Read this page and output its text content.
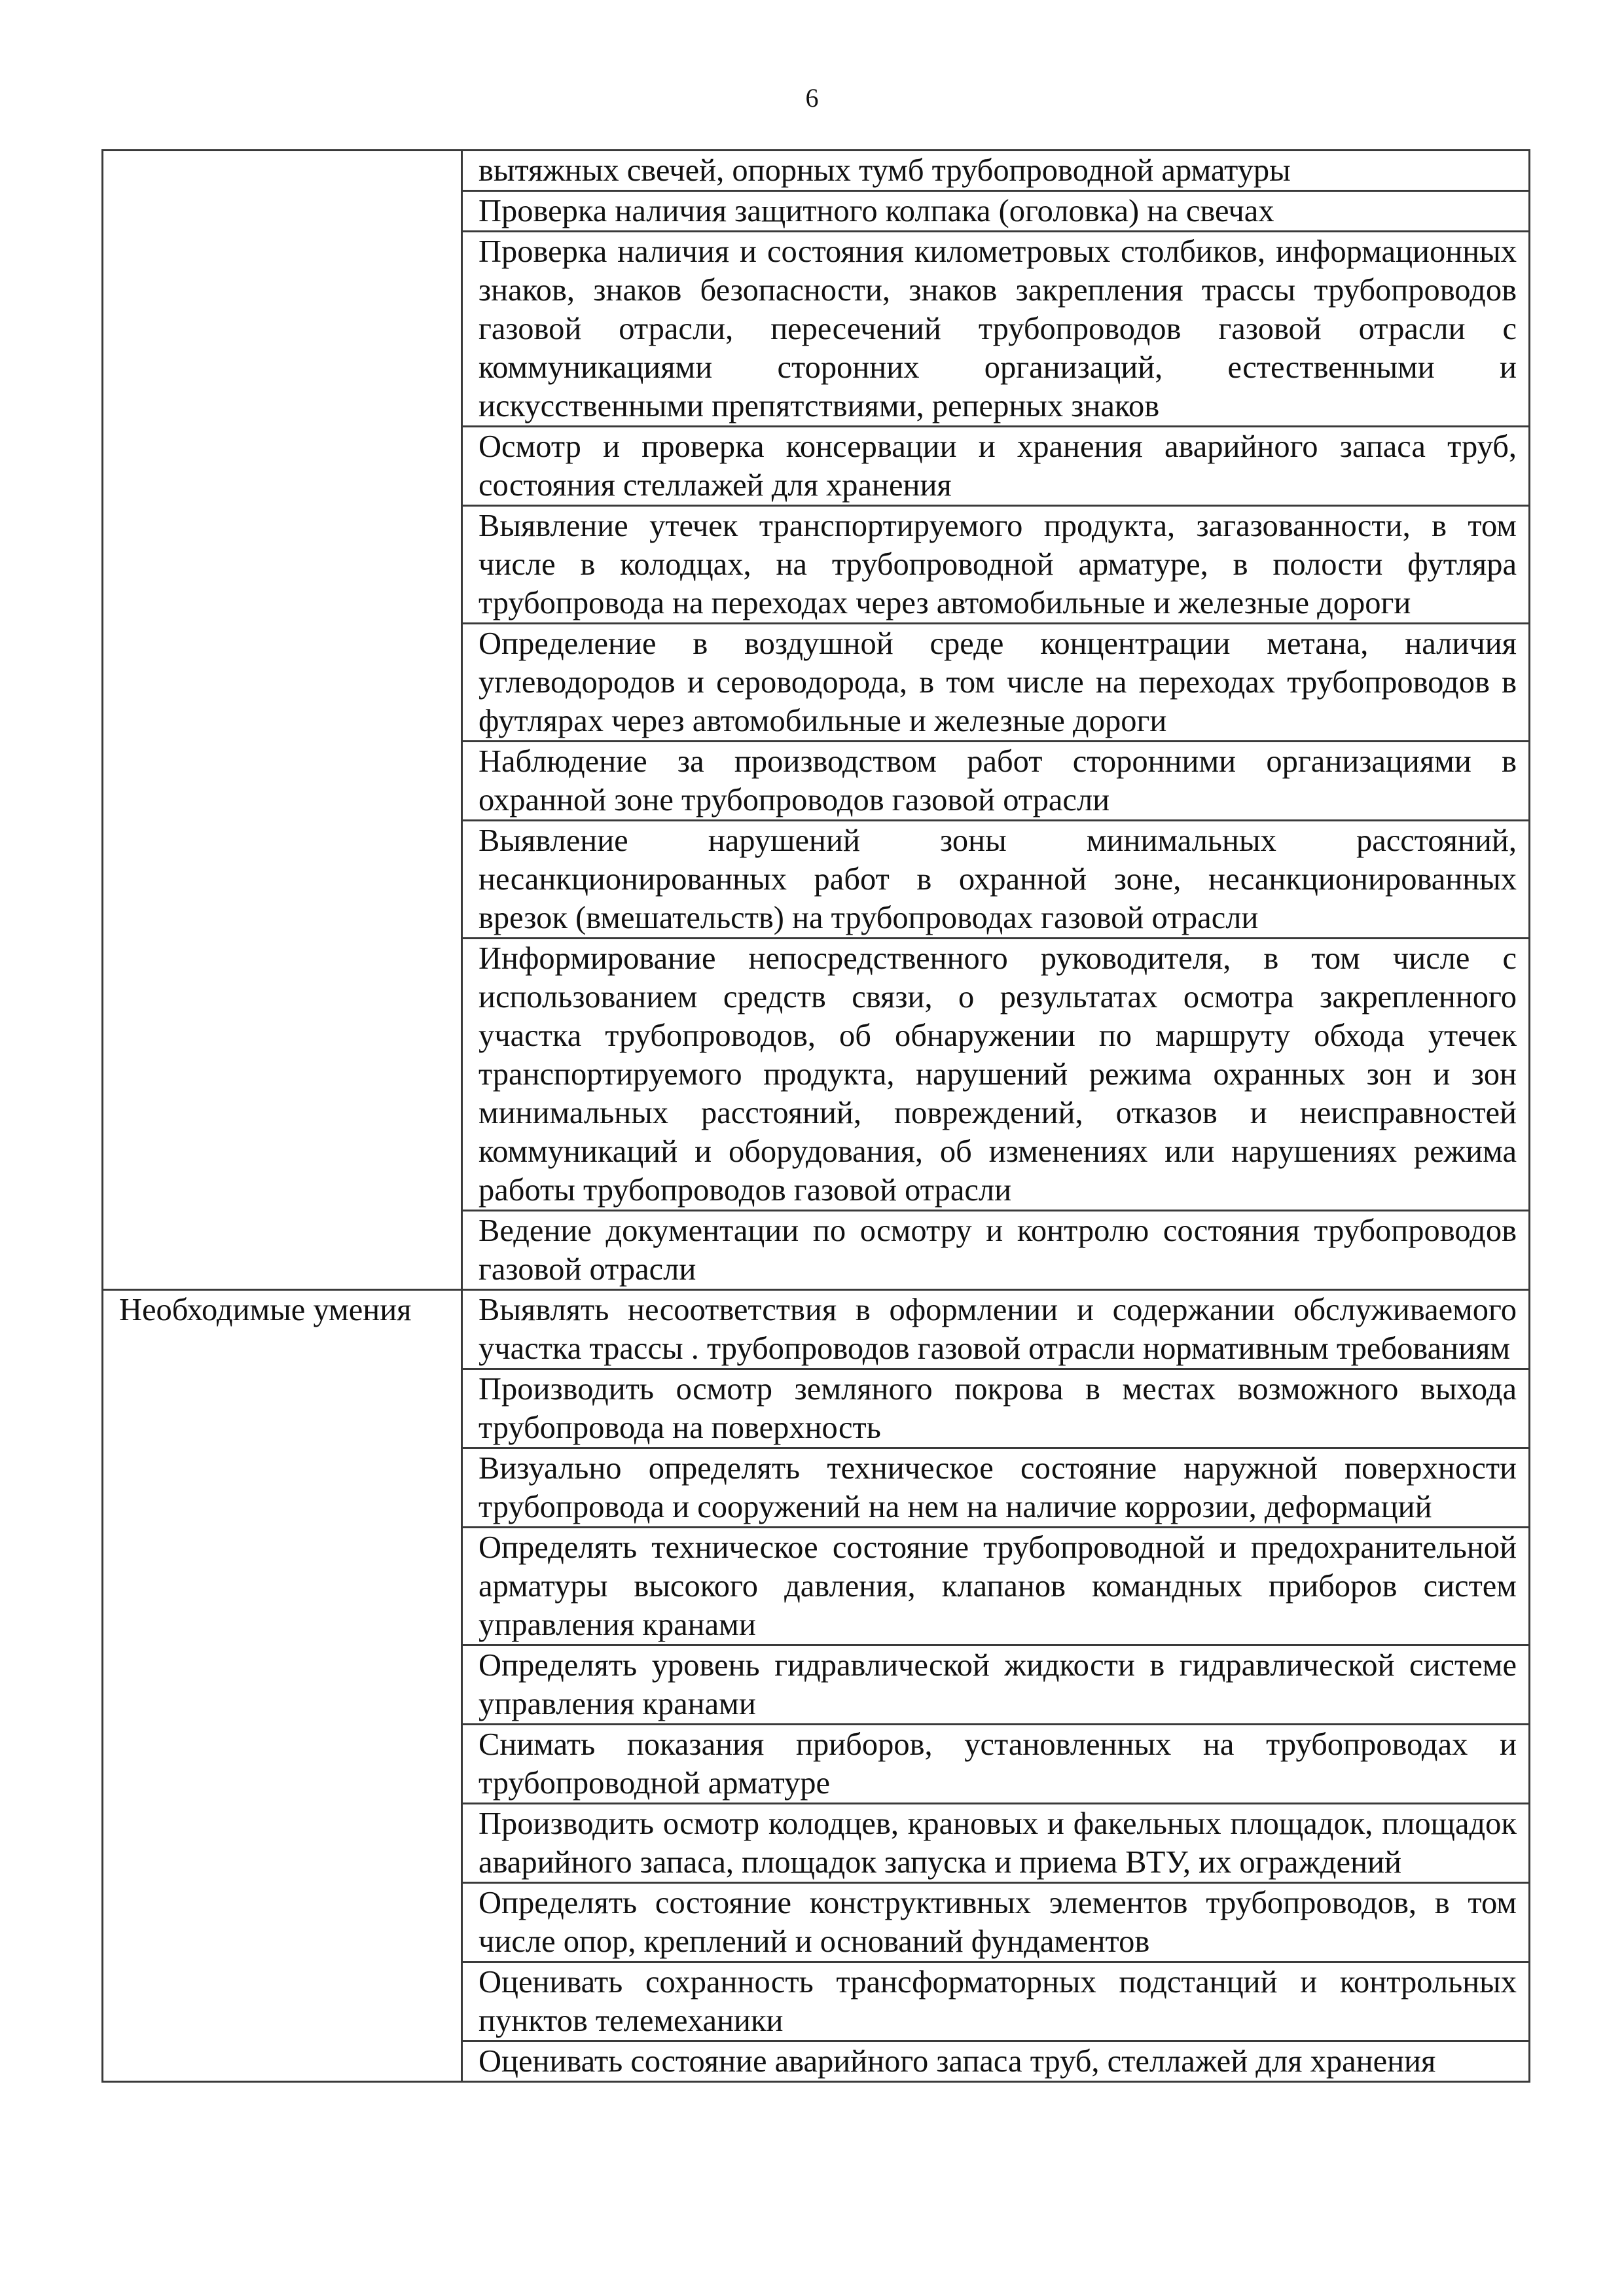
6
	вытяжных свечей, опорных тумб трубопроводной арматуры
	Проверка наличия защитного колпака (оголовка) на свечах
	Проверка наличия и состояния километровых столбиков, информационных знаков, знаков безопасности, знаков закрепления трассы трубопроводов газовой отрасли, пересечений трубопроводов газовой отрасли с коммуникациями сторонних организаций, естественными и искусственными препятствиями, реперных знаков
	Осмотр и проверка консервации и хранения аварийного запаса труб, состояния стеллажей для хранения
	Выявление утечек транспортируемого продукта, загазованности, в том числе в колодцах, на трубопроводной арматуре, в полости футляра трубопровода на переходах через автомобильные и железные дороги
	Определение в воздушной среде концентрации метана, наличия углеводородов и сероводорода, в том числе на переходах трубопроводов в футлярах через автомобильные и железные дороги
	Наблюдение за производством работ сторонними организациями в охранной зоне трубопроводов газовой отрасли
	Выявление нарушений зоны минимальных расстояний, несанкционированных работ в охранной зоне, несанкционированных врезок (вмешательств) на трубопроводах газовой отрасли
	Информирование непосредственного руководителя, в том числе с использованием средств связи, о результатах осмотра закрепленного участка трубопроводов, об обнаружении по маршруту обхода утечек транспортируемого продукта, нарушений режима охранных зон и зон минимальных расстояний, повреждений, отказов и неисправностей коммуникаций и оборудования, об изменениях или нарушениях режима работы трубопроводов газовой отрасли
	Ведение документации по осмотру и контролю состояния трубопроводов газовой отрасли
Необходимые умения	Выявлять несоответствия в оформлении и содержании обслуживаемого участка трассы . трубопроводов газовой отрасли нормативным требованиям
	Производить осмотр земляного покрова в местах возможного выхода трубопровода на поверхность
	Визуально определять техническое состояние наружной поверхности трубопровода и сооружений на нем на наличие коррозии, деформаций
	Определять техническое состояние трубопроводной и предохранительной арматуры высокого давления, клапанов командных приборов систем управления кранами
	Определять уровень гидравлической жидкости в гидравлической системе управления кранами
	Снимать показания приборов, установленных на трубопроводах и трубопроводной арматуре
	Производить осмотр колодцев, крановых и факельных площадок, площадок аварийного запаса, площадок запуска и приема ВТУ, их ограждений
	Определять состояние конструктивных элементов трубопроводов, в том числе опор, креплений и оснований фундаментов
	Оценивать сохранность трансформаторных подстанций и контрольных пунктов телемеханики
	Оценивать состояние аварийного запаса труб, стеллажей для хранения
